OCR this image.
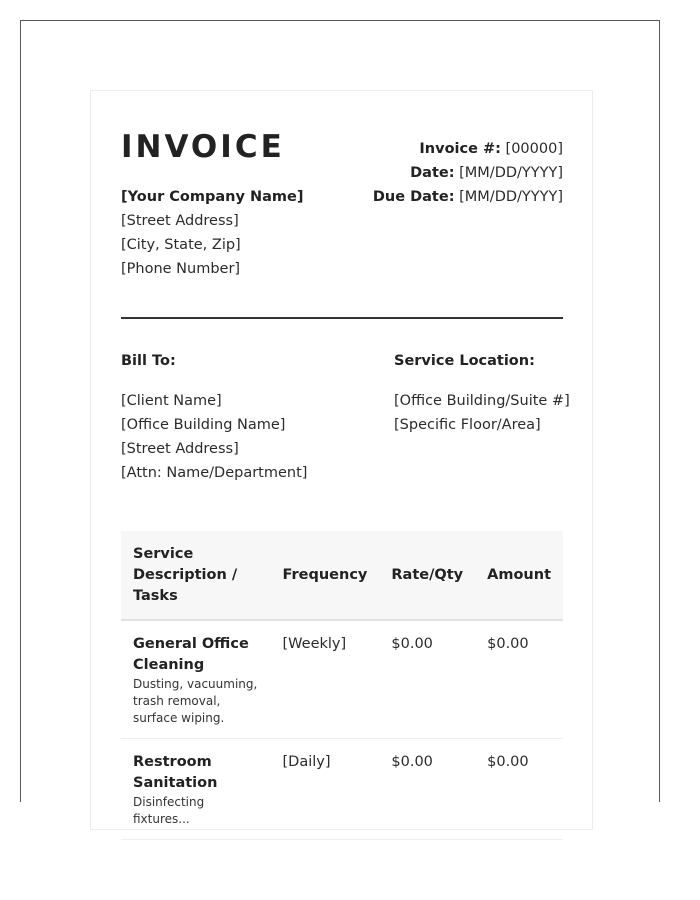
INVOICE	Invoice #: [00000]
Date: [MM/DD/YYYY]
Due Date: [MM/DD/YYYY]
[Your Company Name]
[Street Address]
[City, State, Zip]
[Phone Number]
Bill To:
[Client Name]
[Office Building Name]
[Street Address]
[Attn: Name/Department]
Service Location:
[Office Building/Suite #]
[Specific Floor/Area]
Service Description / Tasks	Frequency	Rate/Qty	Amount

General Office Cleaning
Dusting, vacuuming, trash removal, surface wiping.	[Weekly]	$0.00	$0.00

Restroom Sanitation
Disinfecting fixtures...	[Daily]	$0.00	$0.00
